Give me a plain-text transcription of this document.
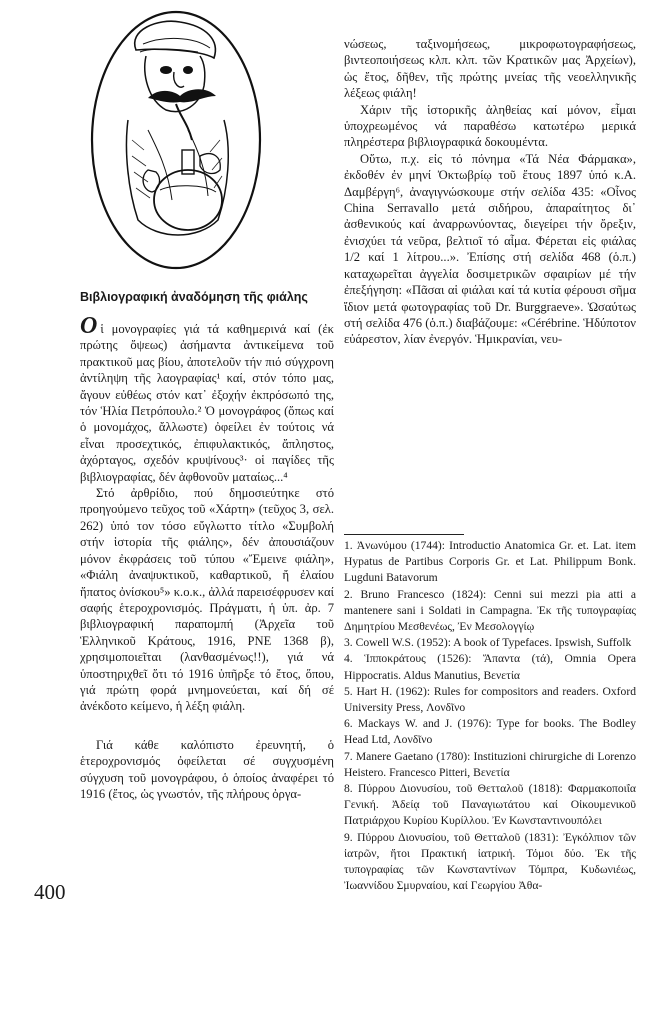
Βιβλιογραφική ἀναδόμηση τῆς φιάλης

Οἱ μονογραφίες γιά τά καθημερινά καί (ἐκ πρώτης ὄψεως) ἀσήμαντα ἀντικείμενα τοῦ πρακτικοῦ μας βίου, ἀποτελοῦν τήν πιό σύγχρονη ἀντίληψη τῆς λαογραφίας¹ καί, στόν τόπο μας, ἄγουν εὐθέως στόν κατ᾽ ἐξοχήν ἐκπρόσωπό της, τόν Ἡλία Πετρόπουλο.² Ὁ μονογράφος (ὅπως καί ὁ μονομάχος, ἄλλωστε) ὀφείλει ἐν τούτοις νά εἶναι προσεχτικός, ἐπιφυλακτικός, ἄπληστος, ἀχόρταγος, σχεδόν κρυψίνους³· οἱ παγίδες τῆς βιβλιογραφίας, δέν ἀφθονοῦν ματαίως...⁴

Στό ἀρθρίδιο, πού δημοσιεύτηκε στό προηγούμενο τεῦχος τοῦ «Χάρτη» (τεῦχος 3, σελ. 262) ὑπό τον τόσο εὔγλωττο τίτλο «Συμβολή στήν ἱστορία τῆς φιάλης», δέν ἀπουσιάζουν μόνον ἐκφράσεις τοῦ τύπου «Ἔμεινε φιάλη», «Φιάλη ἀναψυκτικοῦ, καθαρτικοῦ, ἤ ἐλαίου ἥπατος ὀνίσκου⁵» κ.ο.κ., ἀλλά παρεισέφρυσεν καί σαφής ἑτεροχρονισμός. Πράγματι, ἡ ὑπ. ἀρ. 7 βιβλιογραφική παραπομπή (Ἀρχεῖα τοῦ Ἑλληνικοῦ Κράτους, 1916, ΡΝΕ 1368 β), χρησιμοποιεῖται (λανθασμένως!!), γιά νά ὑποστηριχθεῖ ὅτι τό 1916 ὑπῆρξε τό ἔτος, ὅπου, γιά πρώτη φορά μνημονεύεται, καί δή σέ ἀνέκδοτο κείμενο, ἡ λέξη φιάλη.

Γιά κάθε καλόπιστο ἐρευνητή, ὁ ἑτεροχρονισμός ὀφείλεται σέ συγχυσμένη σύγχυση τοῦ μονογράφου, ὁ ὁποίος ἀναφέρει τό 1916 (ἔτος, ὡς γνωστόν, τῆς πλήρους ὀργα-

νώσεως, ταξινομήσεως, μικροφωτογραφήσεως, βιντεοποιήσεως κλπ. κλπ. τῶν Κρατικῶν μας Ἀρχείων), ὡς ἔτος, δῆθεν, τῆς πρώτης μνείας τῆς νεοελληνικῆς λέξεως φιάλη!

Χάριν τῆς ἱστορικῆς ἀληθείας καί μόνον, εἶμαι ὑποχρεωμένος νά παραθέσω κατωτέρω μερικά πληρέστερα βιβλιογραφικά δοκουμέντα.

Οὕτω, π.χ. εἰς τό πόνημα «Τά Νέα Φάρμακα», ἐκδοθέν ἐν μηνί Ὀκτωβρίῳ τοῦ ἔτους 1897 ὑπό κ.Α. Δαμβέργη⁶, ἀναγιγνώσκουμε στήν σελίδα 435: «Οἶνος China Serravallo μετά σιδήρου, ἀπαραίτητος δι᾽ ἀσθενικούς καί ἀναρρωνύοντας, διεγείρει τήν ὄρεξιν, ἐνισχύει τά νεῦρα, βελτιοῖ τό αἷμα. Φέρεται εἰς φιάλας 1/2 καί 1 λίτρου...». Ἐπίσης στή σελίδα 468 (ὁ.π.) καταχωρεῖται ἀγγελία δοσιμετρικῶν σφαιρίων μέ τήν ἐπεξήγηση: «Πᾶσαι αἱ φιάλαι καί τά κυτία φέρουσι σῆμα ἴδιον μετά φωτογραφίας τοῦ Dr. Burggraeve». Ὡσαύτως στή σελίδα 476 (ὁ.π.) διαβάζουμε: «Cérébrine. Ἡδύποτον εὐάρεστον, λίαν ἐνεργόν. Ἡμικρανίαι, νευ-

1. Ἀνωνύμου (1744): Introductio Anatomica Gr. et. Lat. item Hypatus de Partibus Corporis Gr. et Lat. Philippum Bonk. Lugduni Batavorum
2. Bruno Francesco (1824): Cenni sui mezzi pia atti a mantenere sani i Soldati in Campagna. Ἐκ τῆς τυπογραφίας Δημητρίου Μεσθενέως, Ἐν Μεσολογγίῳ
3. Cowell W.S. (1952): A book of Typefaces. Ipswish, Suffolk
4. Ἱπποκράτους (1526): Ἅπαντα (τά), Omnia Opera Hippocratis. Aldus Manutius, Βενετία
5. Hart H. (1962): Rules for compositors and readers. Oxford University Press, Λονδῖνο
6. Mackays W. and J. (1976): Type for books. The Bodley Head Ltd, Λονδῖνο
7. Manere Gaetano (1780): Instituzioni chirurgiche di Lorenzo Heistero. Francesco Pitteri, Βενετία
8. Πύρρου Διονυσίου, τοῦ Θετταλοῦ (1818): Φαρμακοποιΐα Γενική. Ἀδείᾳ τοῦ Παναγιωτάτου καί Οἰκουμενικοῦ Πατριάρχου Κυρίου Κυρίλλου. Ἐν Κωνσταντινουπόλει
9. Πύρρου Διονυσίου, τοῦ Θετταλοῦ (1831): Ἐγκόλπιον τῶν ἰατρῶν, ἤτοι Πρακτική ἰατρική. Τόμοι δύο. Ἐκ τῆς τυπογραφίας τῶν Κωνσταντίνων Τόμπρα, Κυδωνιέως, Ἰωαννίδου Σμυρναίου, καί Γεωργίου Ἀθα-
400
